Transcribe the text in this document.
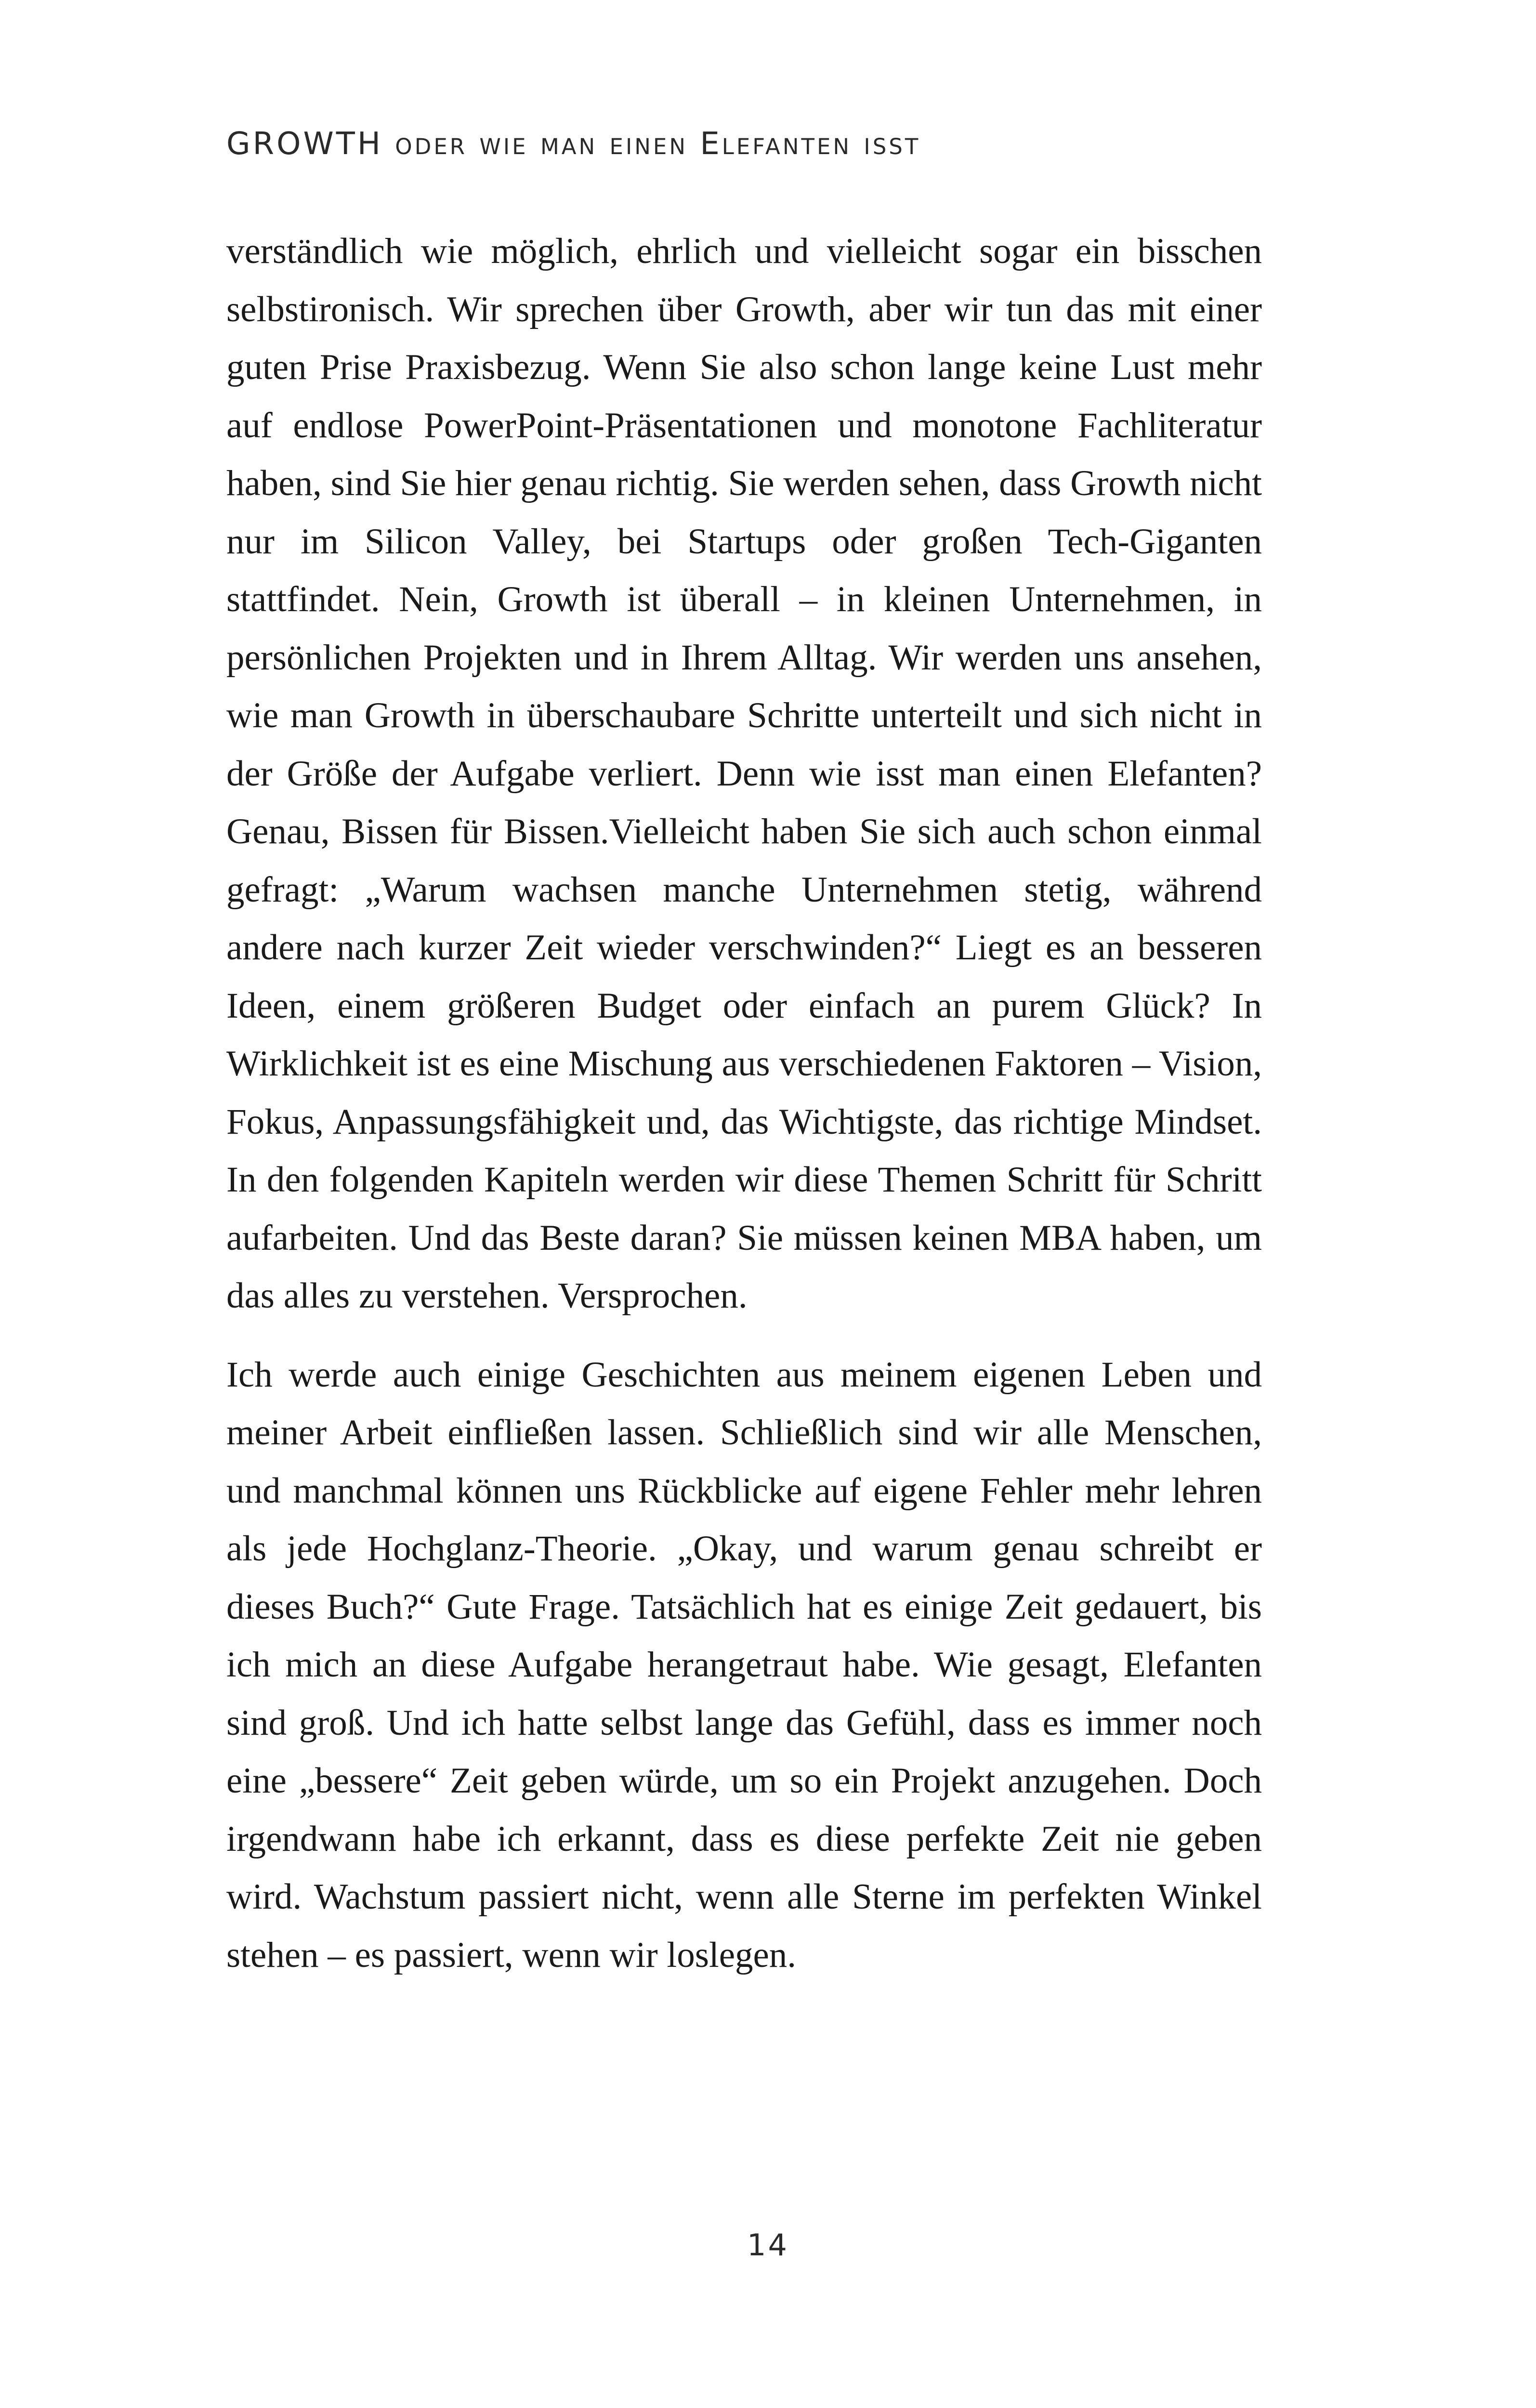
GROWTH oder wie man einen Elefanten isst

verständlich wie möglich, ehrlich und vielleicht sogar ein bisschen selbstironisch. Wir sprechen über Growth, aber wir tun das mit einer guten Prise Praxisbezug. Wenn Sie also schon lange keine Lust mehr auf endlose PowerPoint-Präsentationen und monotone Fachliteratur haben, sind Sie hier genau richtig. Sie werden sehen, dass Growth nicht nur im Silicon Valley, bei Startups oder großen Tech-Giganten stattfindet. Nein, Growth ist überall – in kleinen Unternehmen, in persönlichen Projekten und in Ihrem Alltag. Wir werden uns ansehen, wie man Growth in überschaubare Schritte unterteilt und sich nicht in der Größe der Aufgabe verliert. Denn wie isst man einen Elefanten? Genau, Bissen für Bissen.Vielleicht haben Sie sich auch schon einmal gefragt: „Warum wachsen manche Unternehmen stetig, während andere nach kurzer Zeit wieder verschwinden?“ Liegt es an besseren Ideen, einem größeren Budget oder einfach an purem Glück? In Wirklichkeit ist es eine Mischung aus verschiedenen Faktoren – Vision, Fokus, Anpassungsfähigkeit und, das Wichtigste, das richtige Mindset. In den folgenden Kapiteln werden wir diese Themen Schritt für Schritt aufarbeiten. Und das Beste daran? Sie müssen keinen MBA haben, um das alles zu verstehen. Versprochen.

Ich werde auch einige Geschichten aus meinem eigenen Leben und meiner Arbeit einfließen lassen. Schließlich sind wir alle Menschen, und manchmal können uns Rückblicke auf eigene Fehler mehr lehren als jede Hochglanz-Theorie. „Okay, und warum genau schreibt er dieses Buch?“ Gute Frage. Tatsächlich hat es einige Zeit gedauert, bis ich mich an diese Aufgabe herangetraut habe. Wie gesagt, Elefanten sind groß. Und ich hatte selbst lange das Gefühl, dass es immer noch eine „bessere“ Zeit geben würde, um so ein Projekt anzugehen. Doch irgendwann habe ich erkannt, dass es diese perfekte Zeit nie geben wird. Wachstum passiert nicht, wenn alle Sterne im perfekten Winkel stehen – es passiert, wenn wir loslegen.

14
